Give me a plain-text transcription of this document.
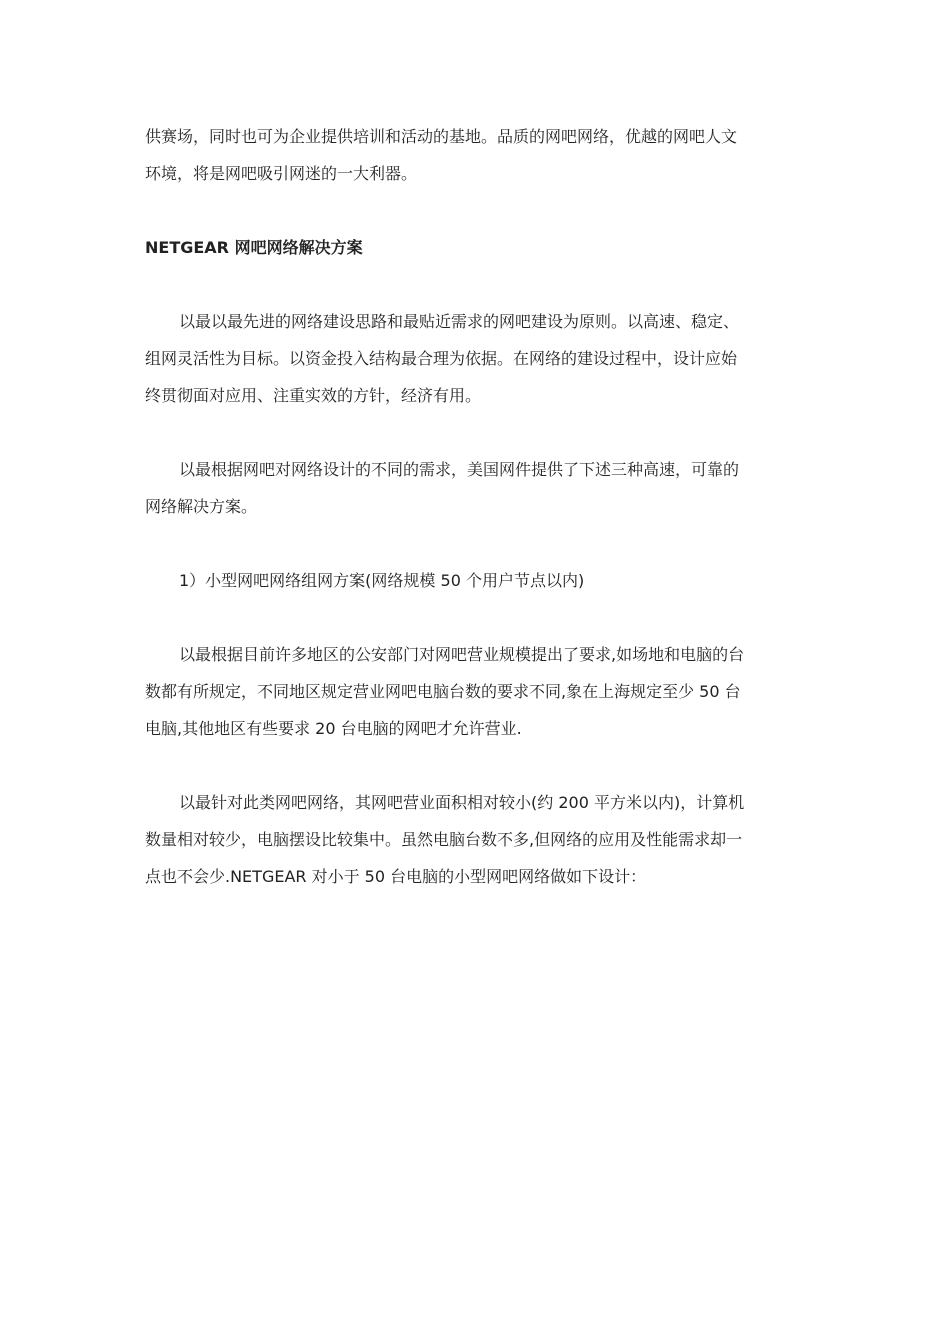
供赛场，同时也可为企业提供培训和活动的基地。品质的网吧网络，优越的网吧人文

环境，将是网吧吸引网迷的一大利器。

NETGEAR 网吧网络解决方案

以最以最先进的网络建设思路和最贴近需求的网吧建设为原则。以高速、稳定、

组网灵活性为目标。以资金投入结构最合理为依据。在网络的建设过程中，设计应始

终贯彻面对应用、注重实效的方针，经济有用。

以最根据网吧对网络设计的不同的需求，美国网件提供了下述三种高速，可靠的

网络解决方案。

1）小型网吧网络组网方案(网络规模 50 个用户节点以内)

以最根据目前许多地区的公安部门对网吧营业规模提出了要求,如场地和电脑的台

数都有所规定，不同地区规定营业网吧电脑台数的要求不同,象在上海规定至少 50 台

电脑,其他地区有些要求 20 台电脑的网吧才允许营业.

以最针对此类网吧网络，其网吧营业面积相对较小(约 200 平方米以内)，计算机

数量相对较少，电脑摆设比较集中。虽然电脑台数不多,但网络的应用及性能需求却一

点也不会少.NETGEAR 对小于 50 台电脑的小型网吧网络做如下设计：
